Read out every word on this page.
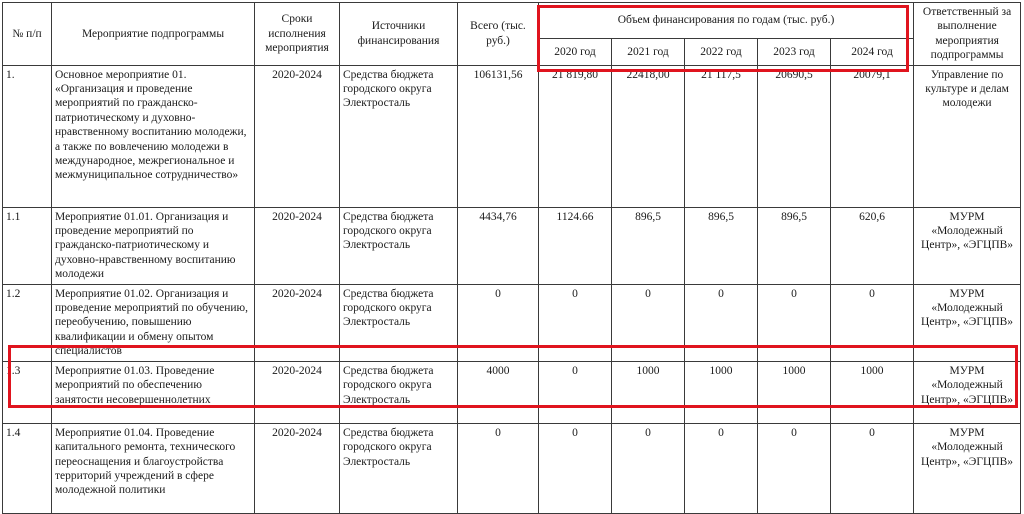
№ п/п	Мероприятие подпрограммы	Сроки исполнения мероприятия	Источники финансирования	Всего (тыс. руб.)	Объем финансирования по годам (тыс. руб.)					Ответственный за выполнение мероприятия подпрограммы
					2020 год	2021 год	2022 год	2023 год	2024 год	
1.	Основное мероприятие 01. «Организация и проведение мероприятий по гражданско-патриотическому и духовно-нравственному воспитанию молодежи, а также по вовлечению молодежи в международное, межрегиональное и межмуниципальное сотрудничество»	2020-2024	Средства бюджета городского округа Электросталь	106131,56	21 819,80	22418,00	21 117,5	20690,5	20079,1	Управление по культуре и делам молодежи
1.1	Мероприятие 01.01. Организация и проведение мероприятий по гражданско-патриотическому и духовно-нравственному воспитанию молодежи	2020-2024	Средства бюджета городского округа Электросталь	4434,76	1124.66	896,5	896,5	896,5	620,6	МУРМ «Молодежный Центр», «ЭГЦПВ»
1.2	Мероприятие 01.02. Организация и проведение мероприятий по обучению, переобучению, повышению квалификации и обмену опытом специалистов	2020-2024	Средства бюджета городского округа Электросталь	0	0	0	0	0	0	МУРМ «Молодежный Центр», «ЭГЦПВ»
1.3	Мероприятие 01.03. Проведение мероприятий по обеспечению занятости несовершеннолетних	2020-2024	Средства бюджета городского округа Электросталь	4000	0	1000	1000	1000	1000	МУРМ «Молодежный Центр», «ЭГЦПВ»
1.4	Мероприятие 01.04. Проведение капитального ремонта, технического переоснащения и благоустройства территорий учреждений в сфере молодежной политики	2020-2024	Средства бюджета городского округа Электросталь	0	0	0	0	0	0	МУРМ «Молодежный Центр», «ЭГЦПВ»
